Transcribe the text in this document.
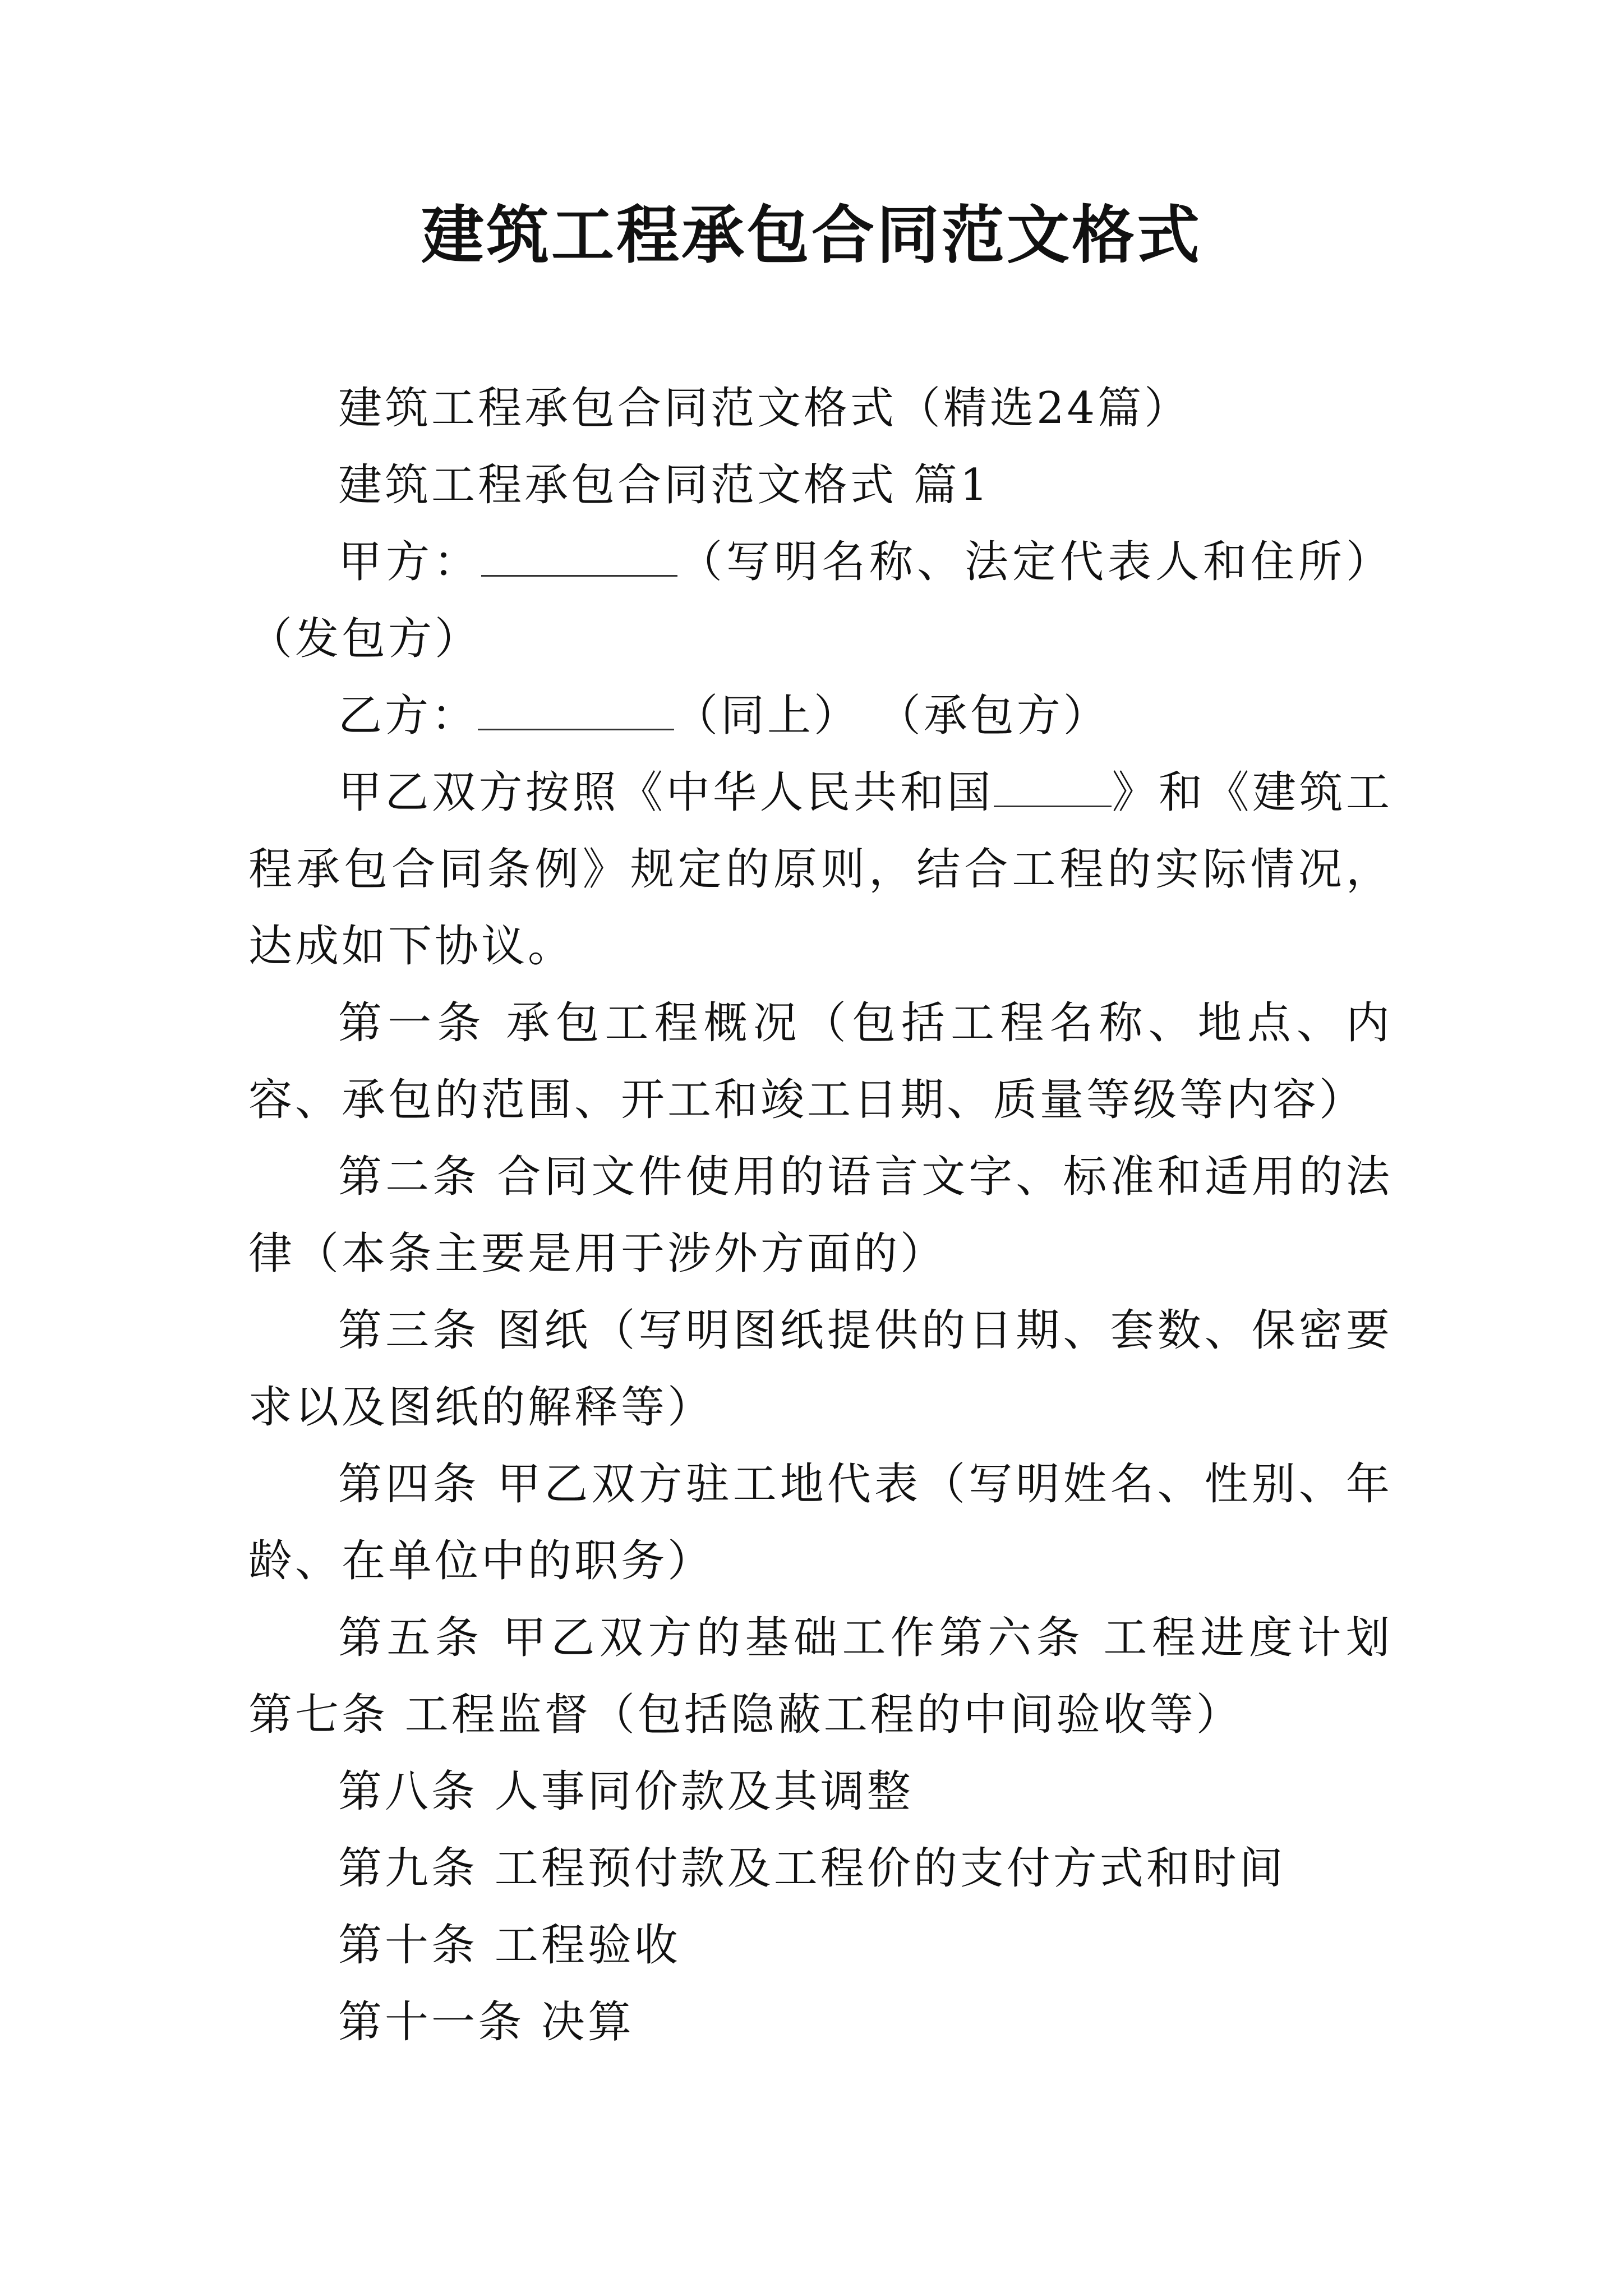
建筑工程承包合同范文格式

建筑工程承包合同范文格式（精选24篇）

建筑工程承包合同范文格式 篇1

甲方：	（写明名称、法定代表人和住所）（发包方）

乙方：	（同上） （承包方）

甲乙双方按照《中华人民共和国	》和《建筑工程承包合同条例》规定的原则，结合工程的实际情况，达成如下协议。

第一条 承包工程概况（包括工程名称、地点、内容、承包的范围、开工和竣工日期、质量等级等内容）

第二条 合同文件使用的语言文字、标准和适用的法律（本条主要是用于涉外方面的）

第三条 图纸（写明图纸提供的日期、套数、保密要求以及图纸的解释等）

第四条 甲乙双方驻工地代表（写明姓名、性别、年龄、在单位中的职务）

第五条 甲乙双方的基础工作第六条 工程进度计划第七条 工程监督（包括隐蔽工程的中间验收等）

第八条 人事同价款及其调整

第九条 工程预付款及工程价的支付方式和时间

第十条 工程验收

第十一条 决算
